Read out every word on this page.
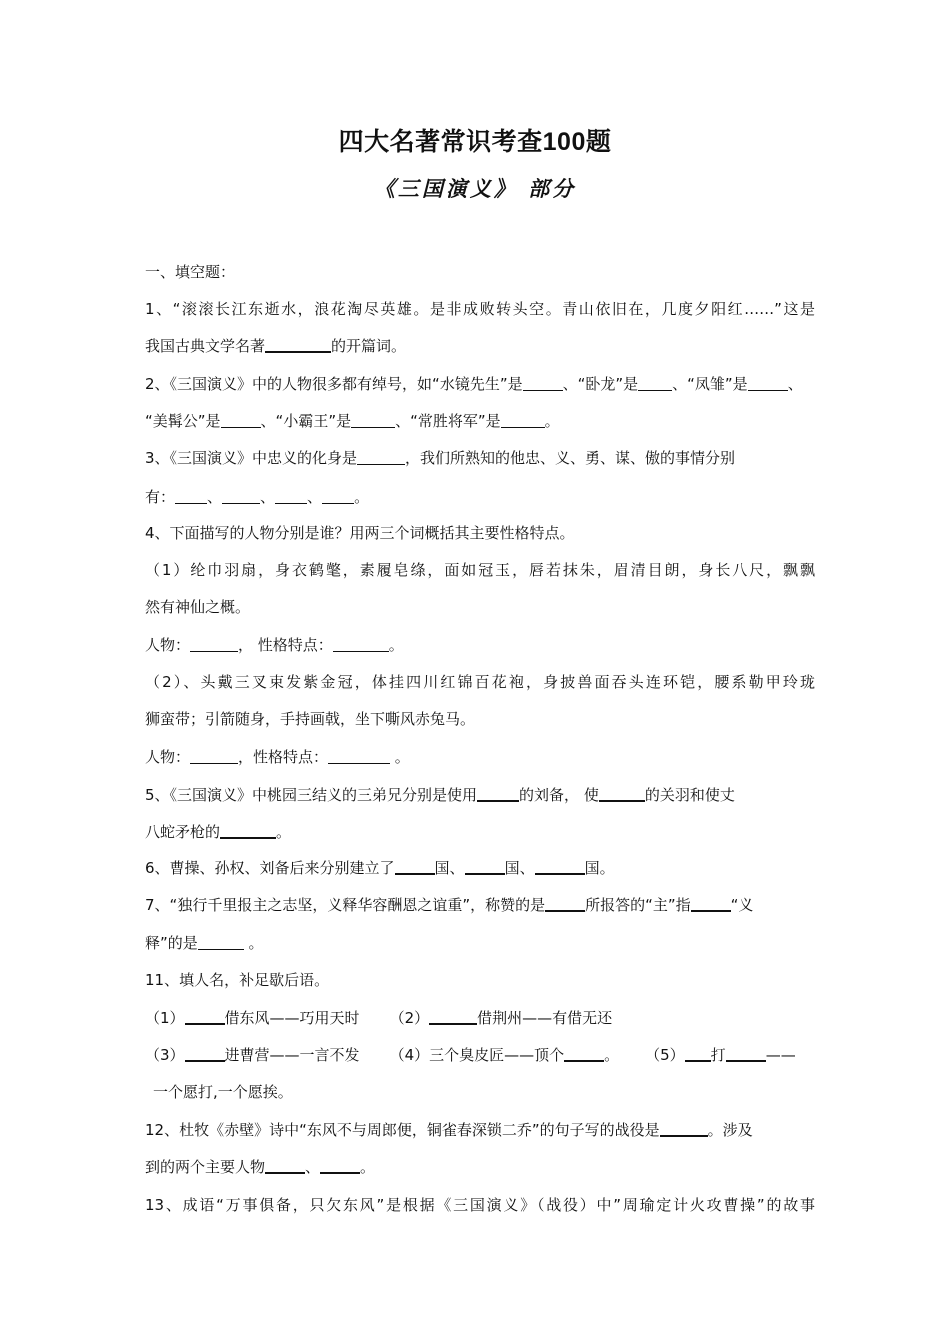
四大名著常识考查100题
《三国演义》 部分
一、填空题：
1、“滚滚长江东逝水，浪花淘尽英雄。是非成败转头空。青山依旧在，几度夕阳红……”这是
我国古典文学名著	的开篇词。
2、《三国演义》中的人物很多都有绰号，如“水镜先生”是	、“卧龙”是 、“凤雏”是	、
“美髯公”是	、“小霸王”是	、“常胜将军”是	。
3、《三国演义》中忠义的化身是	，我们所熟知的他忠、义、勇、谋、傲的事情分别
有： 、	、 、 。
4、下面描写的人物分别是谁？用两三个词概括其主要性格特点。
（1）纶巾羽扇，身衣鹤氅，素履皂绦，面如冠玉，唇若抹朱，眉清目朗，身长八尺，飘飘
然有神仙之概。
人物：	， 性格特点：	。
（2）、头戴三叉束发紫金冠，体挂四川红锦百花袍，身披兽面吞头连环铠，腰系勒甲玲珑
狮蛮带；引箭随身，手持画戟，坐下嘶风赤兔马。
人物：	，性格特点：	。
5、《三国演义》中桃园三结义的三弟兄分别是使用	的刘备， 使	的关羽和使丈
八蛇矛枪的	。
6、曹操、孙权、刘备后来分别建立了	国、	国、	国。
7、“独行千里报主之志坚，义释华容酬恩之谊重”，称赞的是	所报答的“主”指	“义
释”的是	。
11、填人名，补足歇后语。
（1）	借东风——巧用天时 （2）	借荆州——有借无还
（3）	进曹营——一言不发 （4）三个臭皮匠——顶个	。 （5） 打	——
一个愿打,一个愿挨。
12、杜牧《赤壁》诗中“东风不与周郎便，铜雀春深锁二乔”的句子写的战役是	。涉及
到的两个主要人物	、	。
13、成语“万事俱备，只欠东风”是根据《三国演义》（战役）中”周瑜定计火攻曹操”的故事
